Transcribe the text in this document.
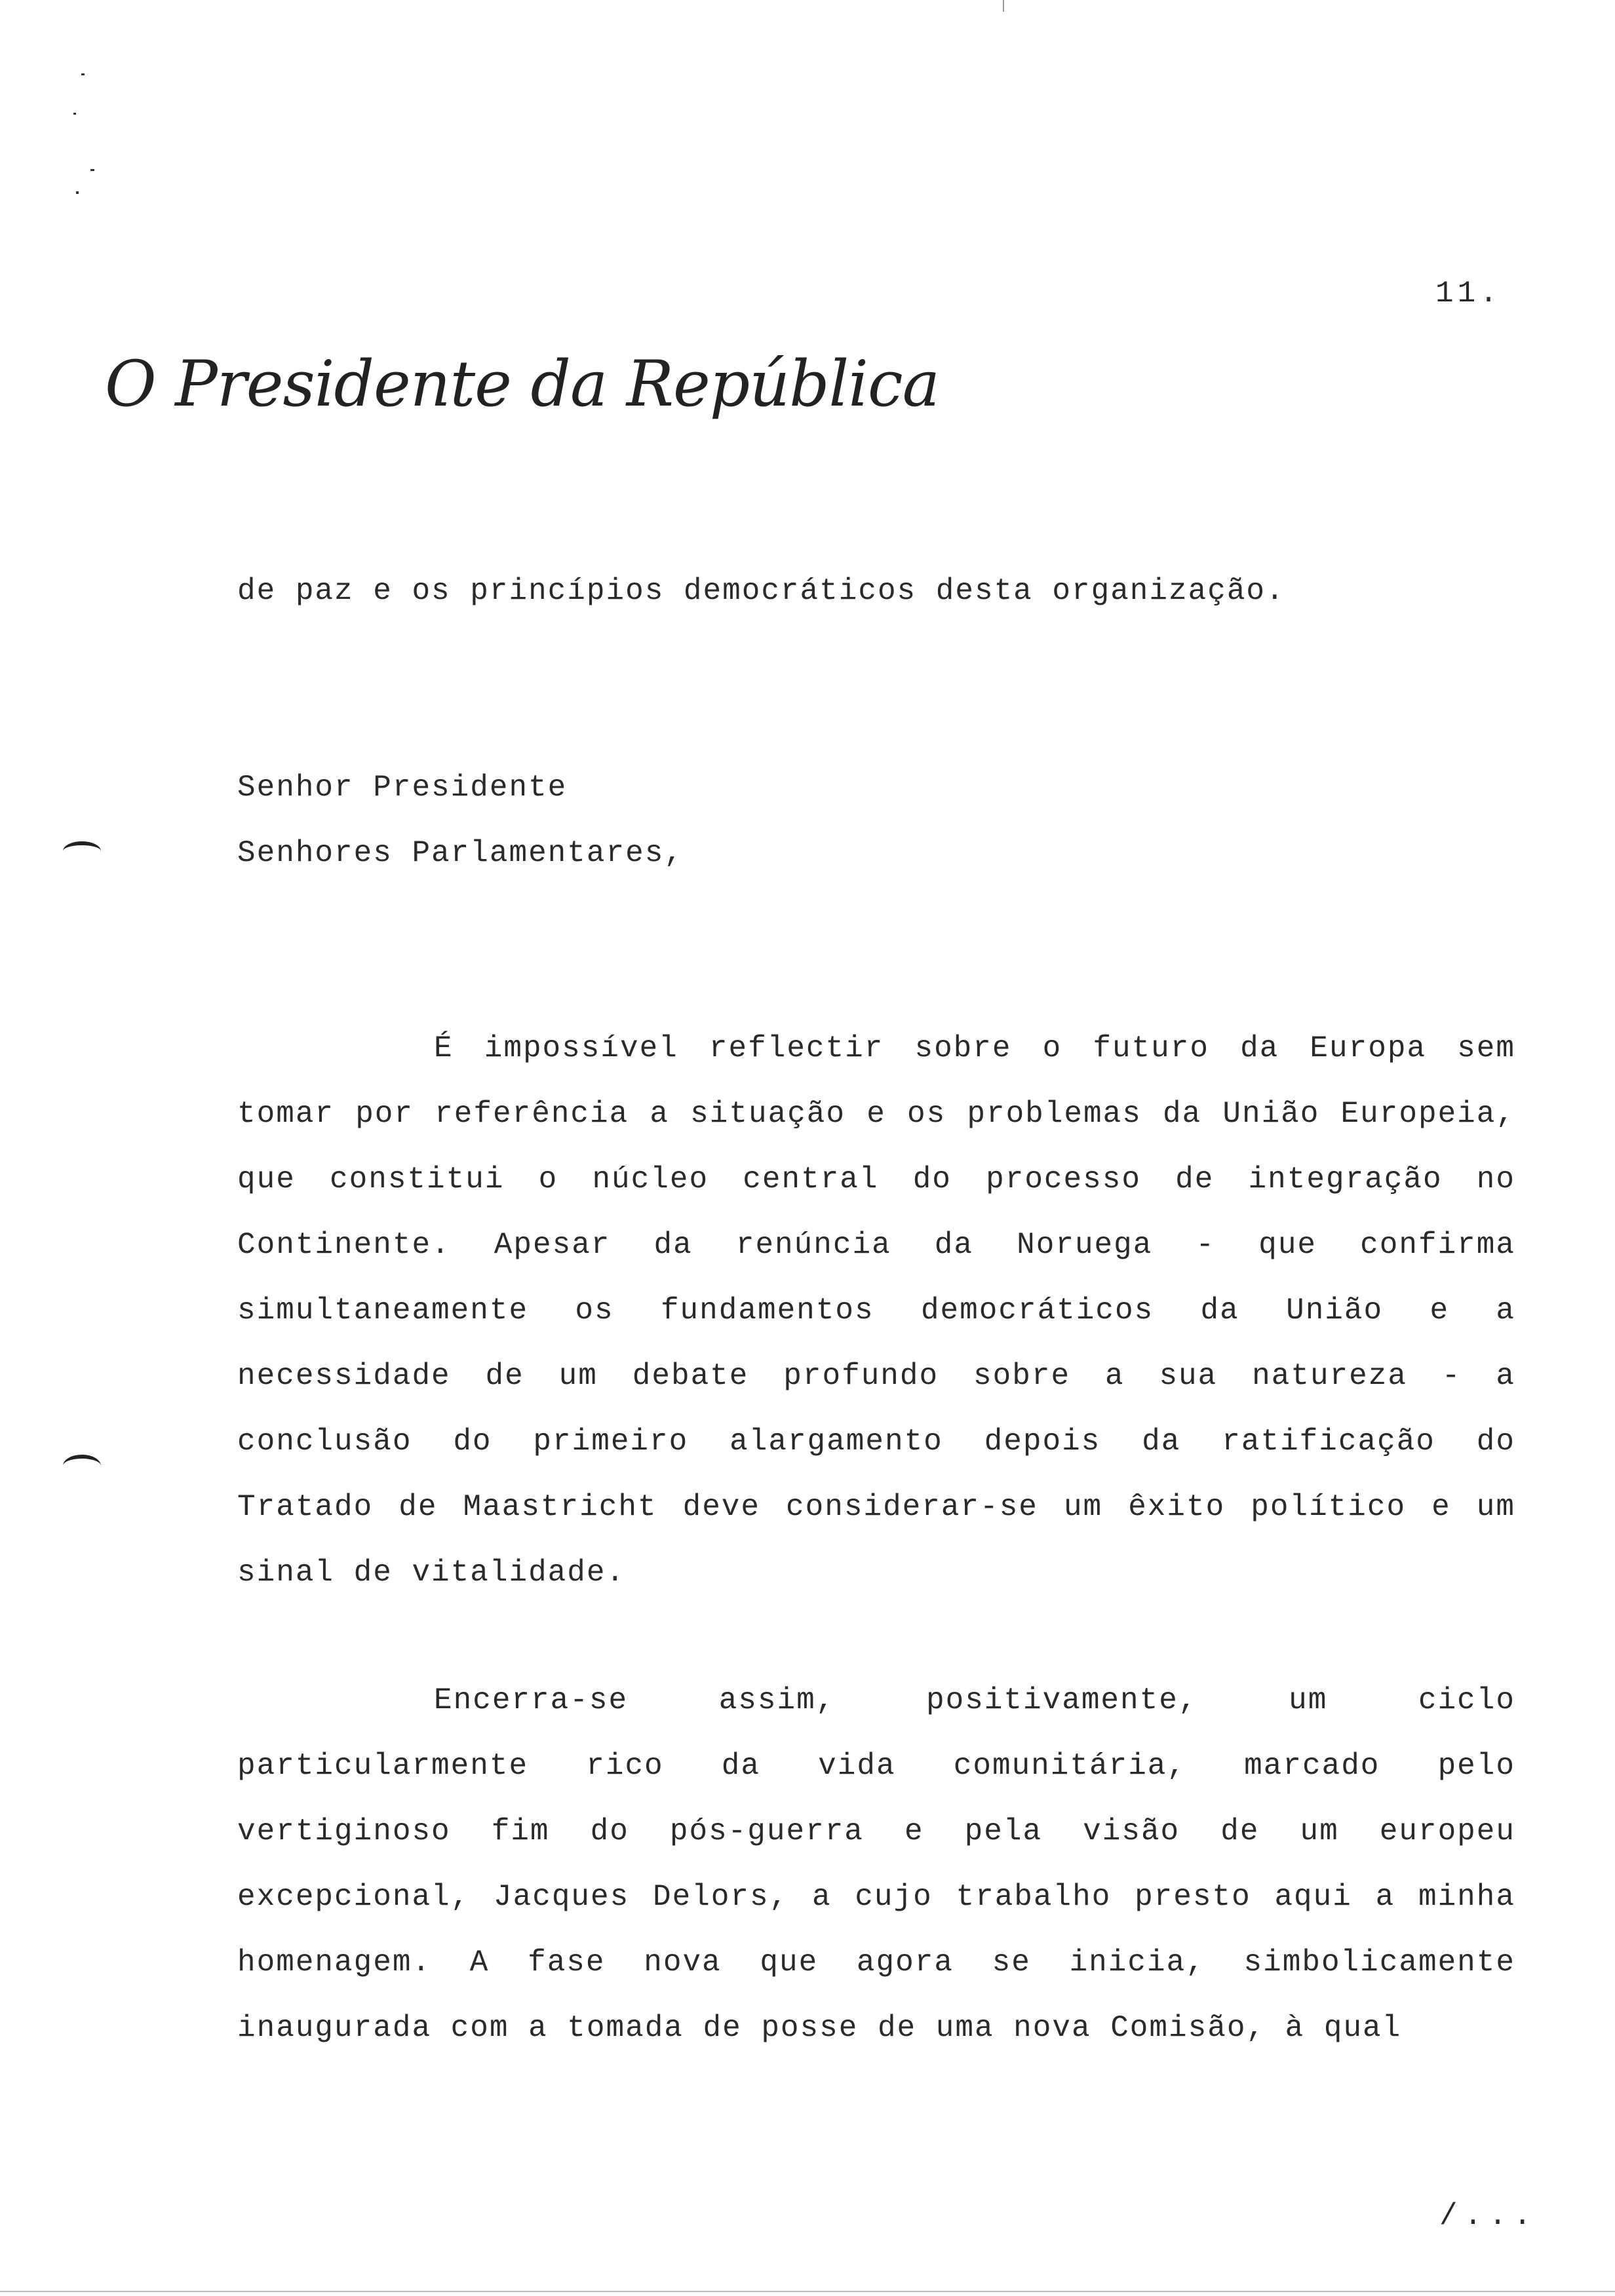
11.
O Presidente da República
de paz e os princípios democráticos desta organização.
Senhor Presidente
Senhores Parlamentares,
É impossível reflectir sobre o futuro da Europa sem tomar por referência a situação e os problemas da União Europeia, que constitui o núcleo central do processo de integração no Continente. Apesar da renúncia da Noruega - que confirma simultaneamente os fundamentos democráticos da União e a necessidade de um debate profundo sobre a sua natureza - a conclusão do primeiro alargamento depois da ratificação do Tratado de Maastricht deve considerar-se um êxito político e um sinal de vitalidade.
Encerra-se assim, positivamente, um ciclo particularmente rico da vida comunitária, marcado pelo vertiginoso fim do pós-guerra e pela visão de um europeu excepcional, Jacques Delors, a cujo trabalho presto aqui a minha homenagem. A fase nova que agora se inicia, simbolicamente inaugurada com a tomada de posse de uma nova Comisão, à qual
/...
